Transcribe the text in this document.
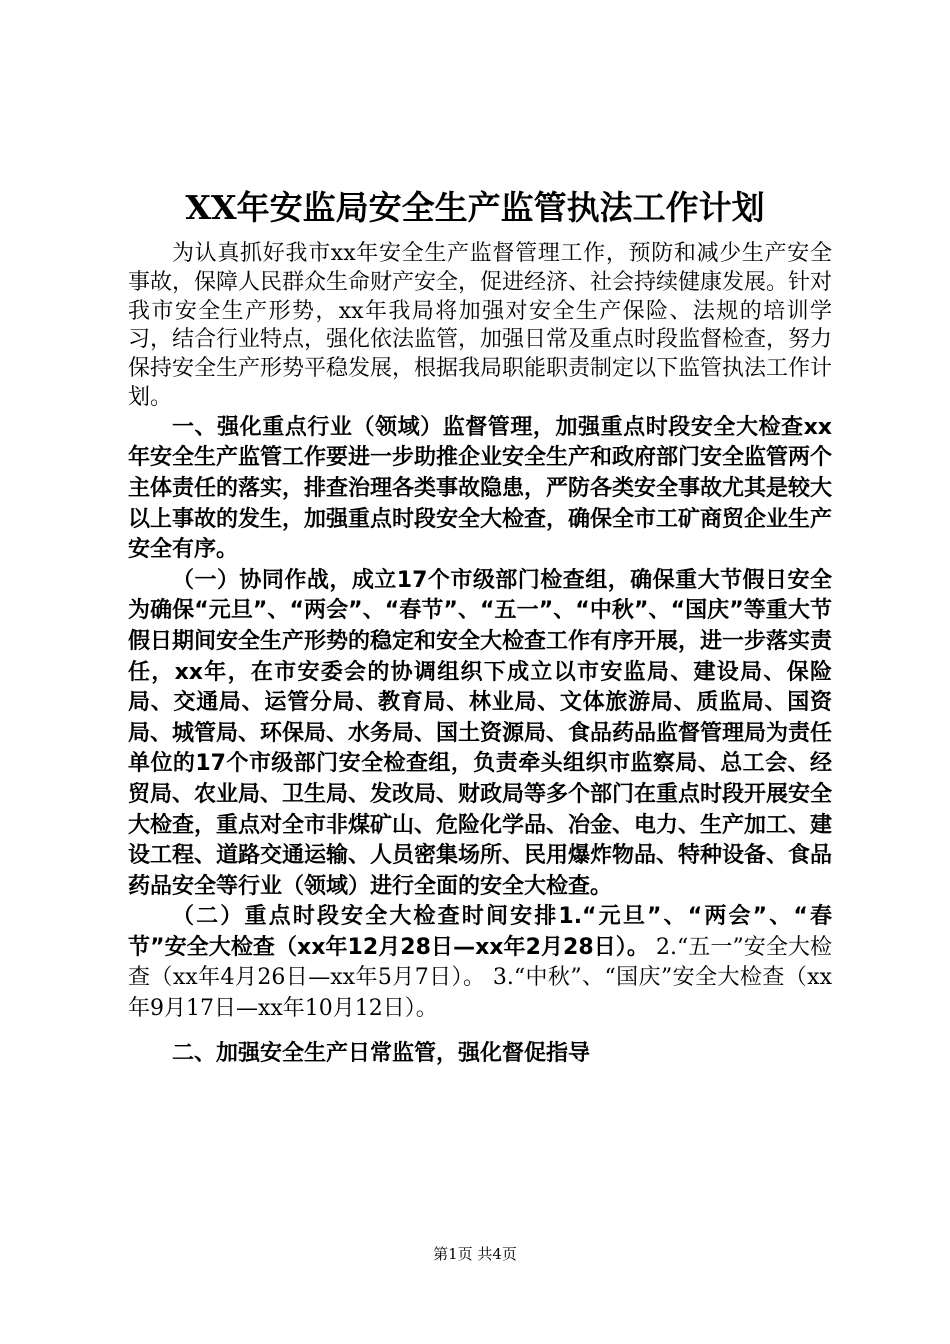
XX年安监局安全生产监管执法工作计划

为认真抓好我市xx年安全生产监督管理工作，预防和减少生产安全事故，保障人民群众生命财产安全，促进经济、社会持续健康发展。针对我市安全生产形势，xx年我局将加强对安全生产保险、法规的培训学习，结合行业特点，强化依法监管，加强日常及重点时段监督检查，努力保持安全生产形势平稳发展，根据我局职能职责制定以下监管执法工作计划。

一、强化重点行业（领域）监督管理，加强重点时段安全大检查xx年安全生产监管工作要进一步助推企业安全生产和政府部门安全监管两个主体责任的落实，排查治理各类事故隐患，严防各类安全事故尤其是较大以上事故的发生，加强重点时段安全大检查，确保全市工矿商贸企业生产安全有序。

（一）协同作战，成立17个市级部门检查组，确保重大节假日安全为确保“元旦”、“两会”、“春节”、“五一”、“中秋”、“国庆”等重大节假日期间安全生产形势的稳定和安全大检查工作有序开展，进一步落实责任，xx年，在市安委会的协调组织下成立以市安监局、建设局、保险局、交通局、运管分局、教育局、林业局、文体旅游局、质监局、国资局、城管局、环保局、水务局、国土资源局、食品药品监督管理局为责任单位的17个市级部门安全检查组，负责牵头组织市监察局、总工会、经贸局、农业局、卫生局、发改局、财政局等多个部门在重点时段开展安全大检查，重点对全市非煤矿山、危险化学品、冶金、电力、生产加工、建设工程、道路交通运输、人员密集场所、民用爆炸物品、特种设备、食品药品安全等行业（领域）进行全面的安全大检查。

（二）重点时段安全大检查时间安排1.“元旦”、“两会”、“春节”安全大检查（xx年12月28日—xx年2月28日）。 2.“五一”安全大检查（xx年4月26日—xx年5月7日）。 3.“中秋”、“国庆”安全大检查（xx年9月17日—xx年10月12日）。

二、加强安全生产日常监管，强化督促指导

第1页 共4页
